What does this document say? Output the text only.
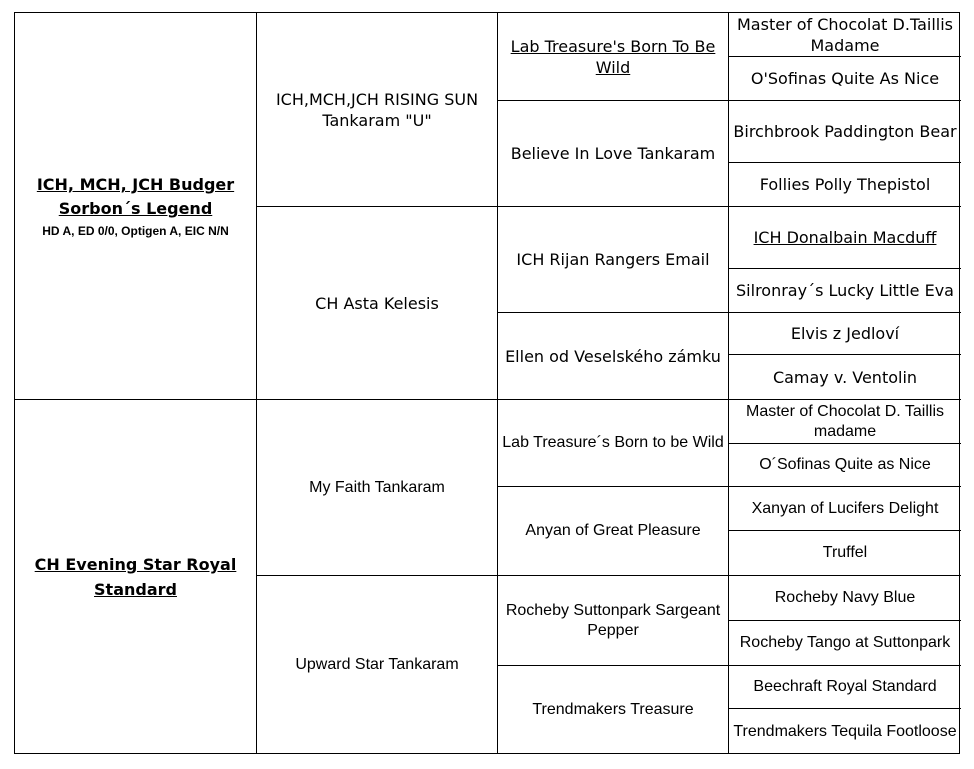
ICH, MCH, JCH Budger Sorbon´s Legend
HD A, ED 0/0, Optigen A, EIC N/N
CH Evening Star Royal Standard
ICH,MCH,JCH RISING SUN Tankaram "U"
CH Asta Kelesis
My Faith Tankaram
Upward Star Tankaram
Lab Treasure's Born To Be Wild
Believe In Love Tankaram
ICH Rijan Rangers Email
Ellen od Veselského zámku
Lab Treasure´s Born to be Wild
Anyan of Great Pleasure
Rocheby Suttonpark Sargeant Pepper
Trendmakers Treasure
Master of Chocolat D.Taillis Madame
O'Sofinas Quite As Nice
Birchbrook Paddington Bear
Follies Polly Thepistol
ICH Donalbain Macduff
Silronray´s Lucky Little Eva
Elvis z Jedloví
Camay v. Ventolin
Master of Chocolat D. Taillis madame
O´Sofinas Quite as Nice
Xanyan of Lucifers Delight
Truffel
Rocheby Navy Blue
Rocheby Tango at Suttonpark
Beechraft Royal Standard
Trendmakers Tequila Footloose
